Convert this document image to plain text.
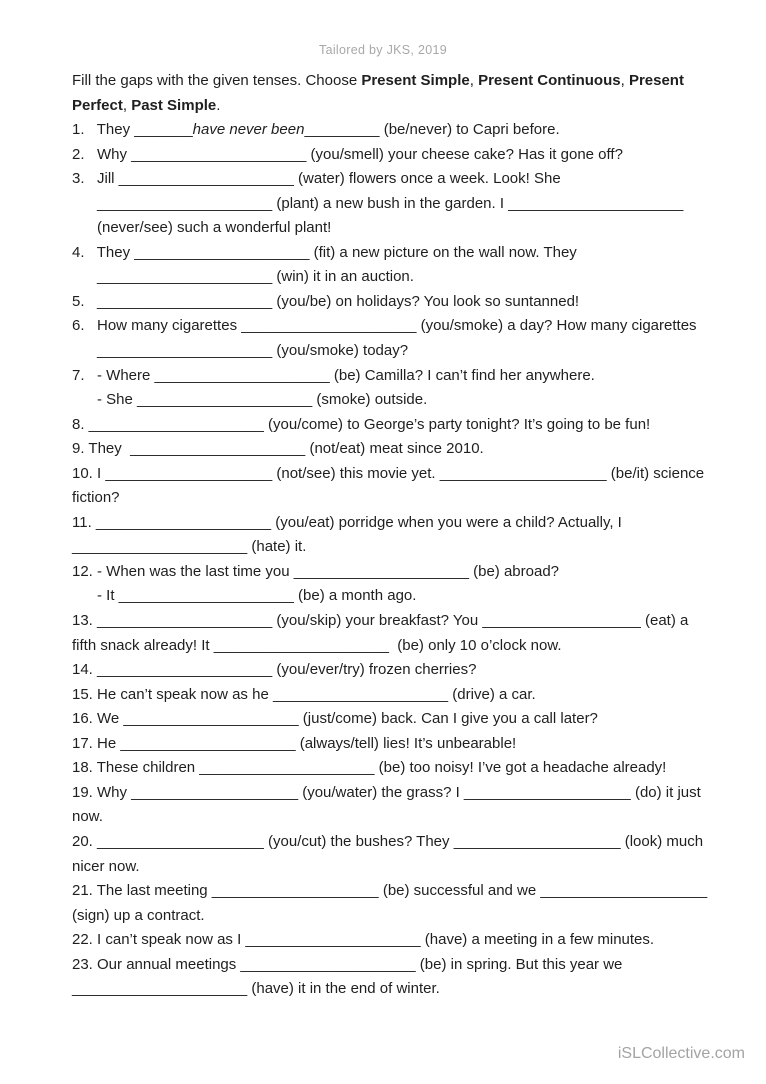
Tailored by JKS, 2019
Fill the gaps with the given tenses. Choose Present Simple, Present Continuous, Present
Perfect, Past Simple.
1.   They _______have never been_________ (be/never) to Capri before.
2.   Why _____________________ (you/smell) your cheese cake? Has it gone off?
3.   Jill _____________________ (water) flowers once a week. Look! She
_____________________ (plant) a new bush in the garden. I _____________________
(never/see) such a wonderful plant!
4.   They _____________________ (fit) a new picture on the wall now. They
_____________________ (win) it in an auction.
5.   _____________________ (you/be) on holidays? You look so suntanned!
6.   How many cigarettes _____________________ (you/smoke) a day? How many cigarettes
_____________________ (you/smoke) today?
7.   - Where _____________________ (be) Camilla? I can’t find her anywhere.
- She _____________________ (smoke) outside.
8. _____________________ (you/come) to George’s party tonight? It’s going to be fun!
9. They  _____________________ (not/eat) meat since 2010.
10. I ____________________ (not/see) this movie yet. ____________________ (be/it) science
fiction?
11. _____________________ (you/eat) porridge when you were a child? Actually, I
_____________________ (hate) it.
12. - When was the last time you _____________________ (be) abroad?
- It _____________________ (be) a month ago.
13. _____________________ (you/skip) your breakfast? You ___________________ (eat) a
fifth snack already! It _____________________  (be) only 10 o’clock now.
14. _____________________ (you/ever/try) frozen cherries?
15. He can’t speak now as he _____________________ (drive) a car.
16. We _____________________ (just/come) back. Can I give you a call later?
17. He _____________________ (always/tell) lies! It’s unbearable!
18. These children _____________________ (be) too noisy! I’ve got a headache already!
19. Why ____________________ (you/water) the grass? I ____________________ (do) it just
now.
20. ____________________ (you/cut) the bushes? They ____________________ (look) much
nicer now.
21. The last meeting ____________________ (be) successful and we ____________________
(sign) up a contract.
22. I can’t speak now as I _____________________ (have) a meeting in a few minutes.
23. Our annual meetings _____________________ (be) in spring. But this year we
_____________________ (have) it in the end of winter.
iSLCollective.com
